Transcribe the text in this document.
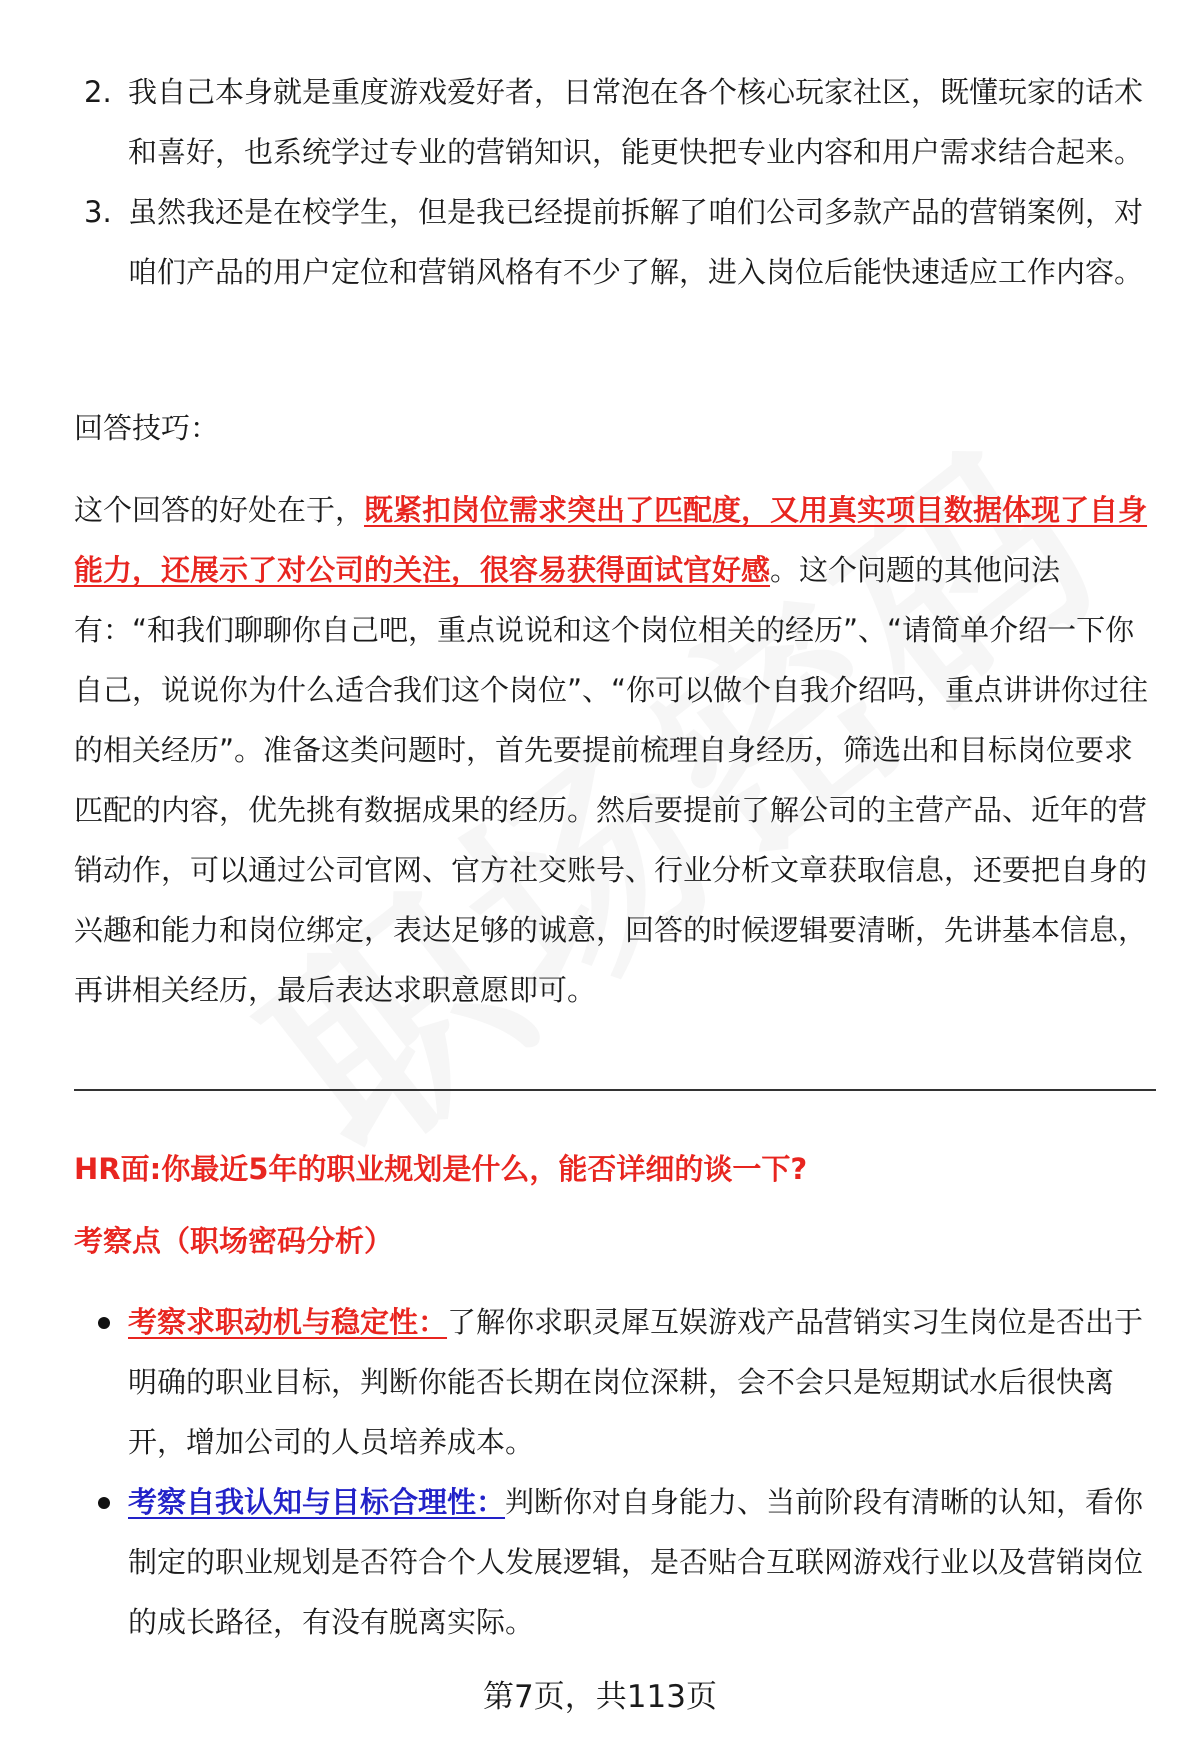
2. 我自己本身就是重度游戏爱好者，日常泡在各个核心玩家社区，既懂玩家的话术和喜好，也系统学过专业的营销知识，能更快把专业内容和用户需求结合起来。
3. 虽然我还是在校学生，但是我已经提前拆解了咱们公司多款产品的营销案例，对咱们产品的用户定位和营销风格有不少了解，进入岗位后能快速适应工作内容。
回答技巧：
这个回答的好处在于，既紧扣岗位需求突出了匹配度，又用真实项目数据体现了自身能力，还展示了对公司的关注，很容易获得面试官好感。这个问题的其他问法有：“和我们聊聊你自己吧，重点说说和这个岗位相关的经历”、“请简单介绍一下你自己，说说你为什么适合我们这个岗位”、“你可以做个自我介绍吗，重点讲讲你过往的相关经历”。准备这类问题时，首先要提前梳理自身经历，筛选出和目标岗位要求匹配的内容，优先挑有数据成果的经历。然后要提前了解公司的主营产品、近年的营销动作，可以通过公司官网、官方社交账号、行业分析文章获取信息，还要把自身的兴趣和能力和岗位绑定，表达足够的诚意，回答的时候逻辑要清晰，先讲基本信息，再讲相关经历，最后表达求职意愿即可。
HR面:你最近5年的职业规划是什么，能否详细的谈一下?
考察点（职场密码分析）
考察求职动机与稳定性：了解你求职灵犀互娱游戏产品营销实习生岗位是否出于明确的职业目标，判断你能否长期在岗位深耕，会不会只是短期试水后很快离开，增加公司的人员培养成本。
考察自我认知与目标合理性：判断你对自身能力、当前阶段有清晰的认知，看你制定的职业规划是否符合个人发展逻辑，是否贴合互联网游戏行业以及营销岗位的成长路径，有没有脱离实际。
第7页，共113页
